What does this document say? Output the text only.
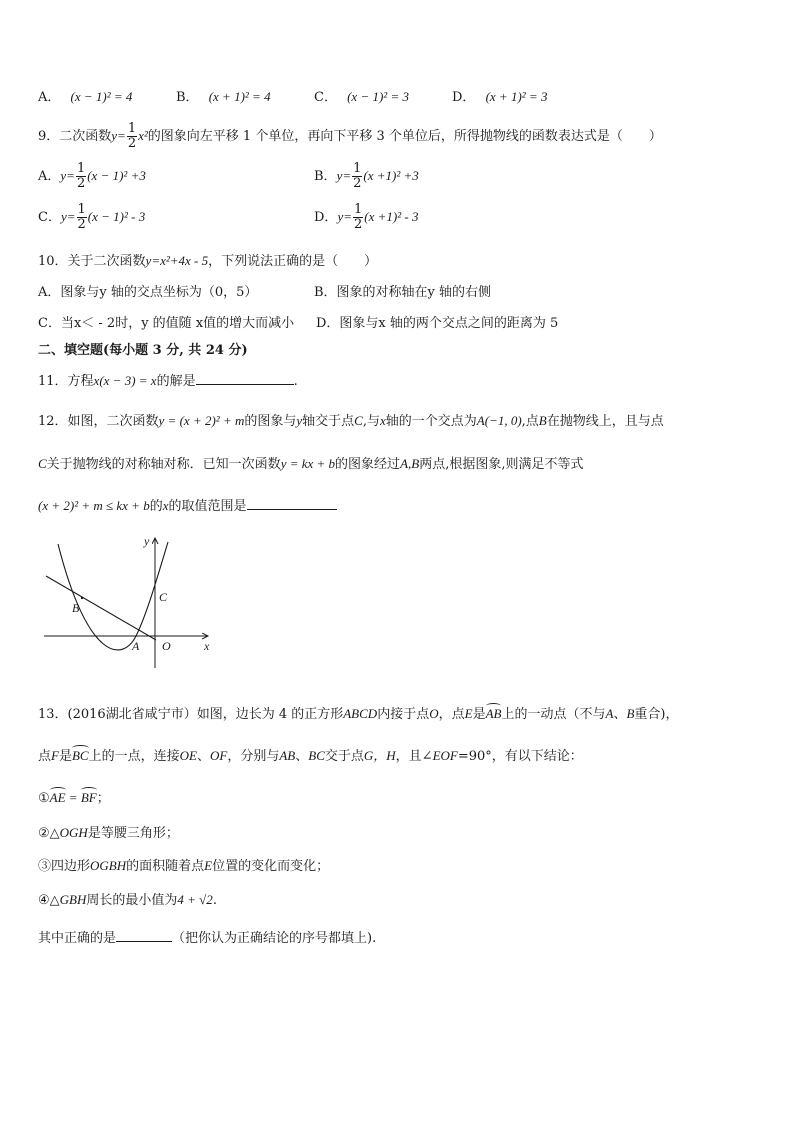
A． (x − 1)² = 4	B． (x + 1)² = 4	C． (x − 1)² = 3	D． (x + 1)² = 3
9．二次函数$y= \frac{1}{2} x^2$的图象向左平移 1 个单位，再向下平移 3 个单位后，所得抛物线的函数表达式是（　　）
A．$y= \frac{1}{2} (x - 1)^2 +3$	B．$y= \frac{1}{2} (x +1)^2 +3$
C．$y= \frac{1}{2} (x - 1)^2 - 3$	D．$y= \frac{1}{2} (x +1)^2 - 3$
10．关于二次函数y=x²+4x - 5，下列说法正确的是（　　）
A．图象与y 轴的交点坐标为（0，5）	B．图象的对称轴在y 轴的右侧
C．当x＜ - 2时，y 的值随 x值的增大而减小 D．图象与x 轴的两个交点之间的距离为 5
二、填空题(每小题 3 分, 共 24 分)
11．方程x(x − 3) = x的解是	.
12．如图，二次函数y = (x + 2)² + m的图象与y轴交于点C,与x轴的一个交点为A(−1, 0),点B在抛物线上，且与点
C关于抛物线的对称轴对称．已知一次函数y = kx + b的图象经过A,B两点,根据图象,则满足不等式
(x + 2)² + m ≤ kx + b的x的取值范围是
y
x
B
C
A O
13．(2016湖北省咸宁市）如图，边长为 4 的正方形ABCD内接于点O，点E是AB上的一动点（不与A、B重合)，
点F是BC上的一点，连接OE、OF，分别与AB、BC交于点G，H，且∠EOF=90°，有以下结论：
①AE = BF；
②△OGH是等腰三角形；
③四边形OGBH的面积随着点E位置的变化而变化；
④△GBH周长的最小值为4 + √2.
其中正确的是	（把你认为正确结论的序号都填上).
